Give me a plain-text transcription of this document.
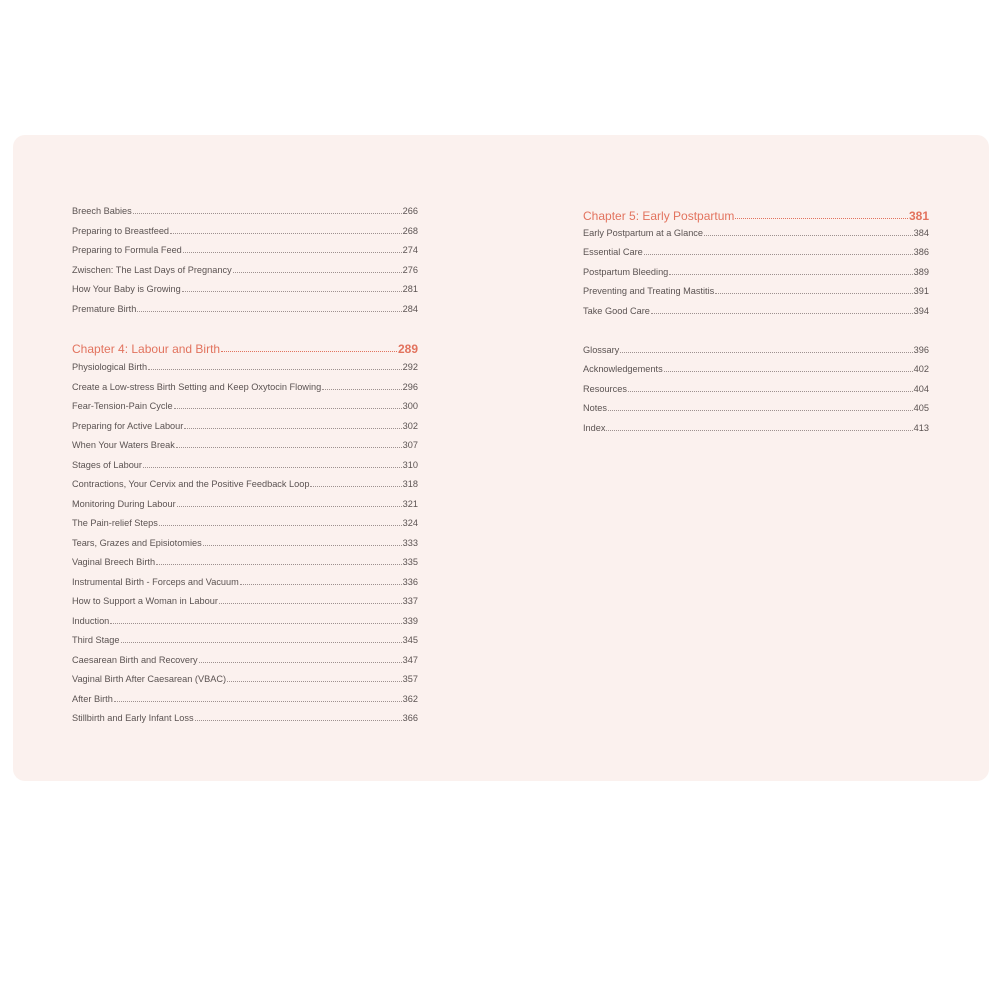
Breech Babies	266
Preparing to Breastfeed	268
Preparing to Formula Feed	274
Zwischen: The Last Days of Pregnancy	276
How Your Baby is Growing	281
Premature Birth	284
Chapter 4: Labour and Birth	289
Physiological Birth	292
Create a Low-stress Birth Setting and Keep Oxytocin Flowing	296
Fear-Tension-Pain Cycle	300
Preparing for Active Labour	302
When Your Waters Break	307
Stages of Labour	310
Contractions, Your Cervix and the Positive Feedback Loop	318
Monitoring During Labour	321
The Pain-relief Steps	324
Tears, Grazes and Episiotomies	333
Vaginal Breech Birth	335
Instrumental Birth - Forceps and Vacuum	336
How to Support a Woman in Labour	337
Induction	339
Third Stage	345
Caesarean Birth and Recovery	347
Vaginal Birth After Caesarean (VBAC)	357
After Birth	362
Stillbirth and Early Infant Loss	366
Chapter 5: Early Postpartum	381
Early Postpartum at a Glance	384
Essential Care	386
Postpartum Bleeding	389
Preventing and Treating Mastitis	391
Take Good Care	394
Glossary	396
Acknowledgements	402
Resources	404
Notes	405
Index	413
